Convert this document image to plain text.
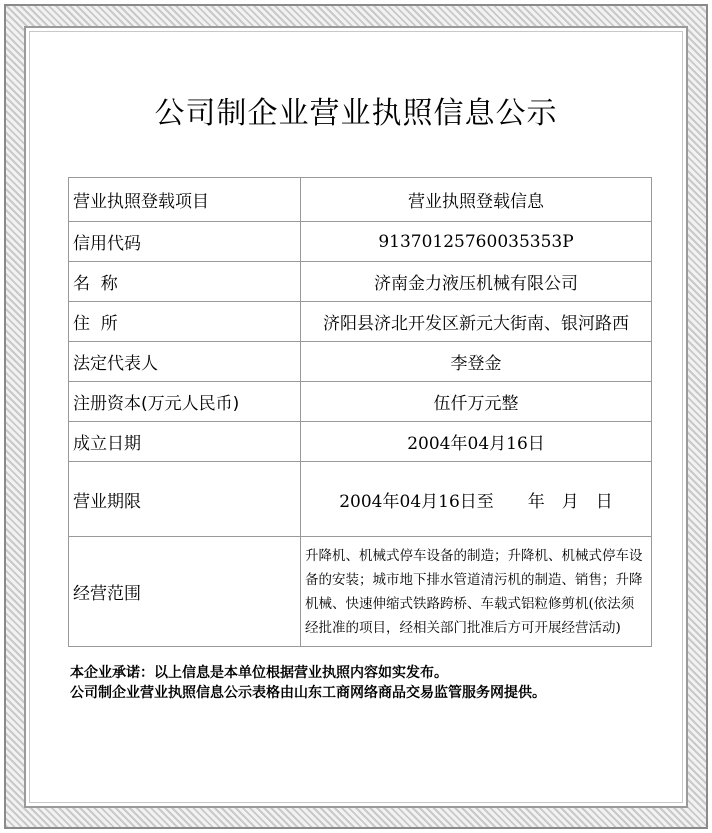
公司制企业营业执照信息公示
营业执照登载项目	营业执照登载信息
信用代码	91370125760035353P
名  称	济南金力液压机械有限公司
住  所	济阳县济北开发区新元大街南、银河路西
法定代表人	李登金
注册资本(万元人民币)	伍仟万元整
成立日期	2004年04月16日
营业期限	2004年04月16日至　　年　月　日
经营范围	升降机、机械式停车设备的制造；升降机、机械式停车设备的安装；城市地下排水管道清污机的制造、销售；升降机械、快速伸缩式铁路跨桥、车载式铝粒修剪机(依法须经批准的项目，经相关部门批准后方可开展经营活动)
本企业承诺：以上信息是本单位根据营业执照内容如实发布。
公司制企业营业执照信息公示表格由山东工商网络商品交易监管服务网提供。
